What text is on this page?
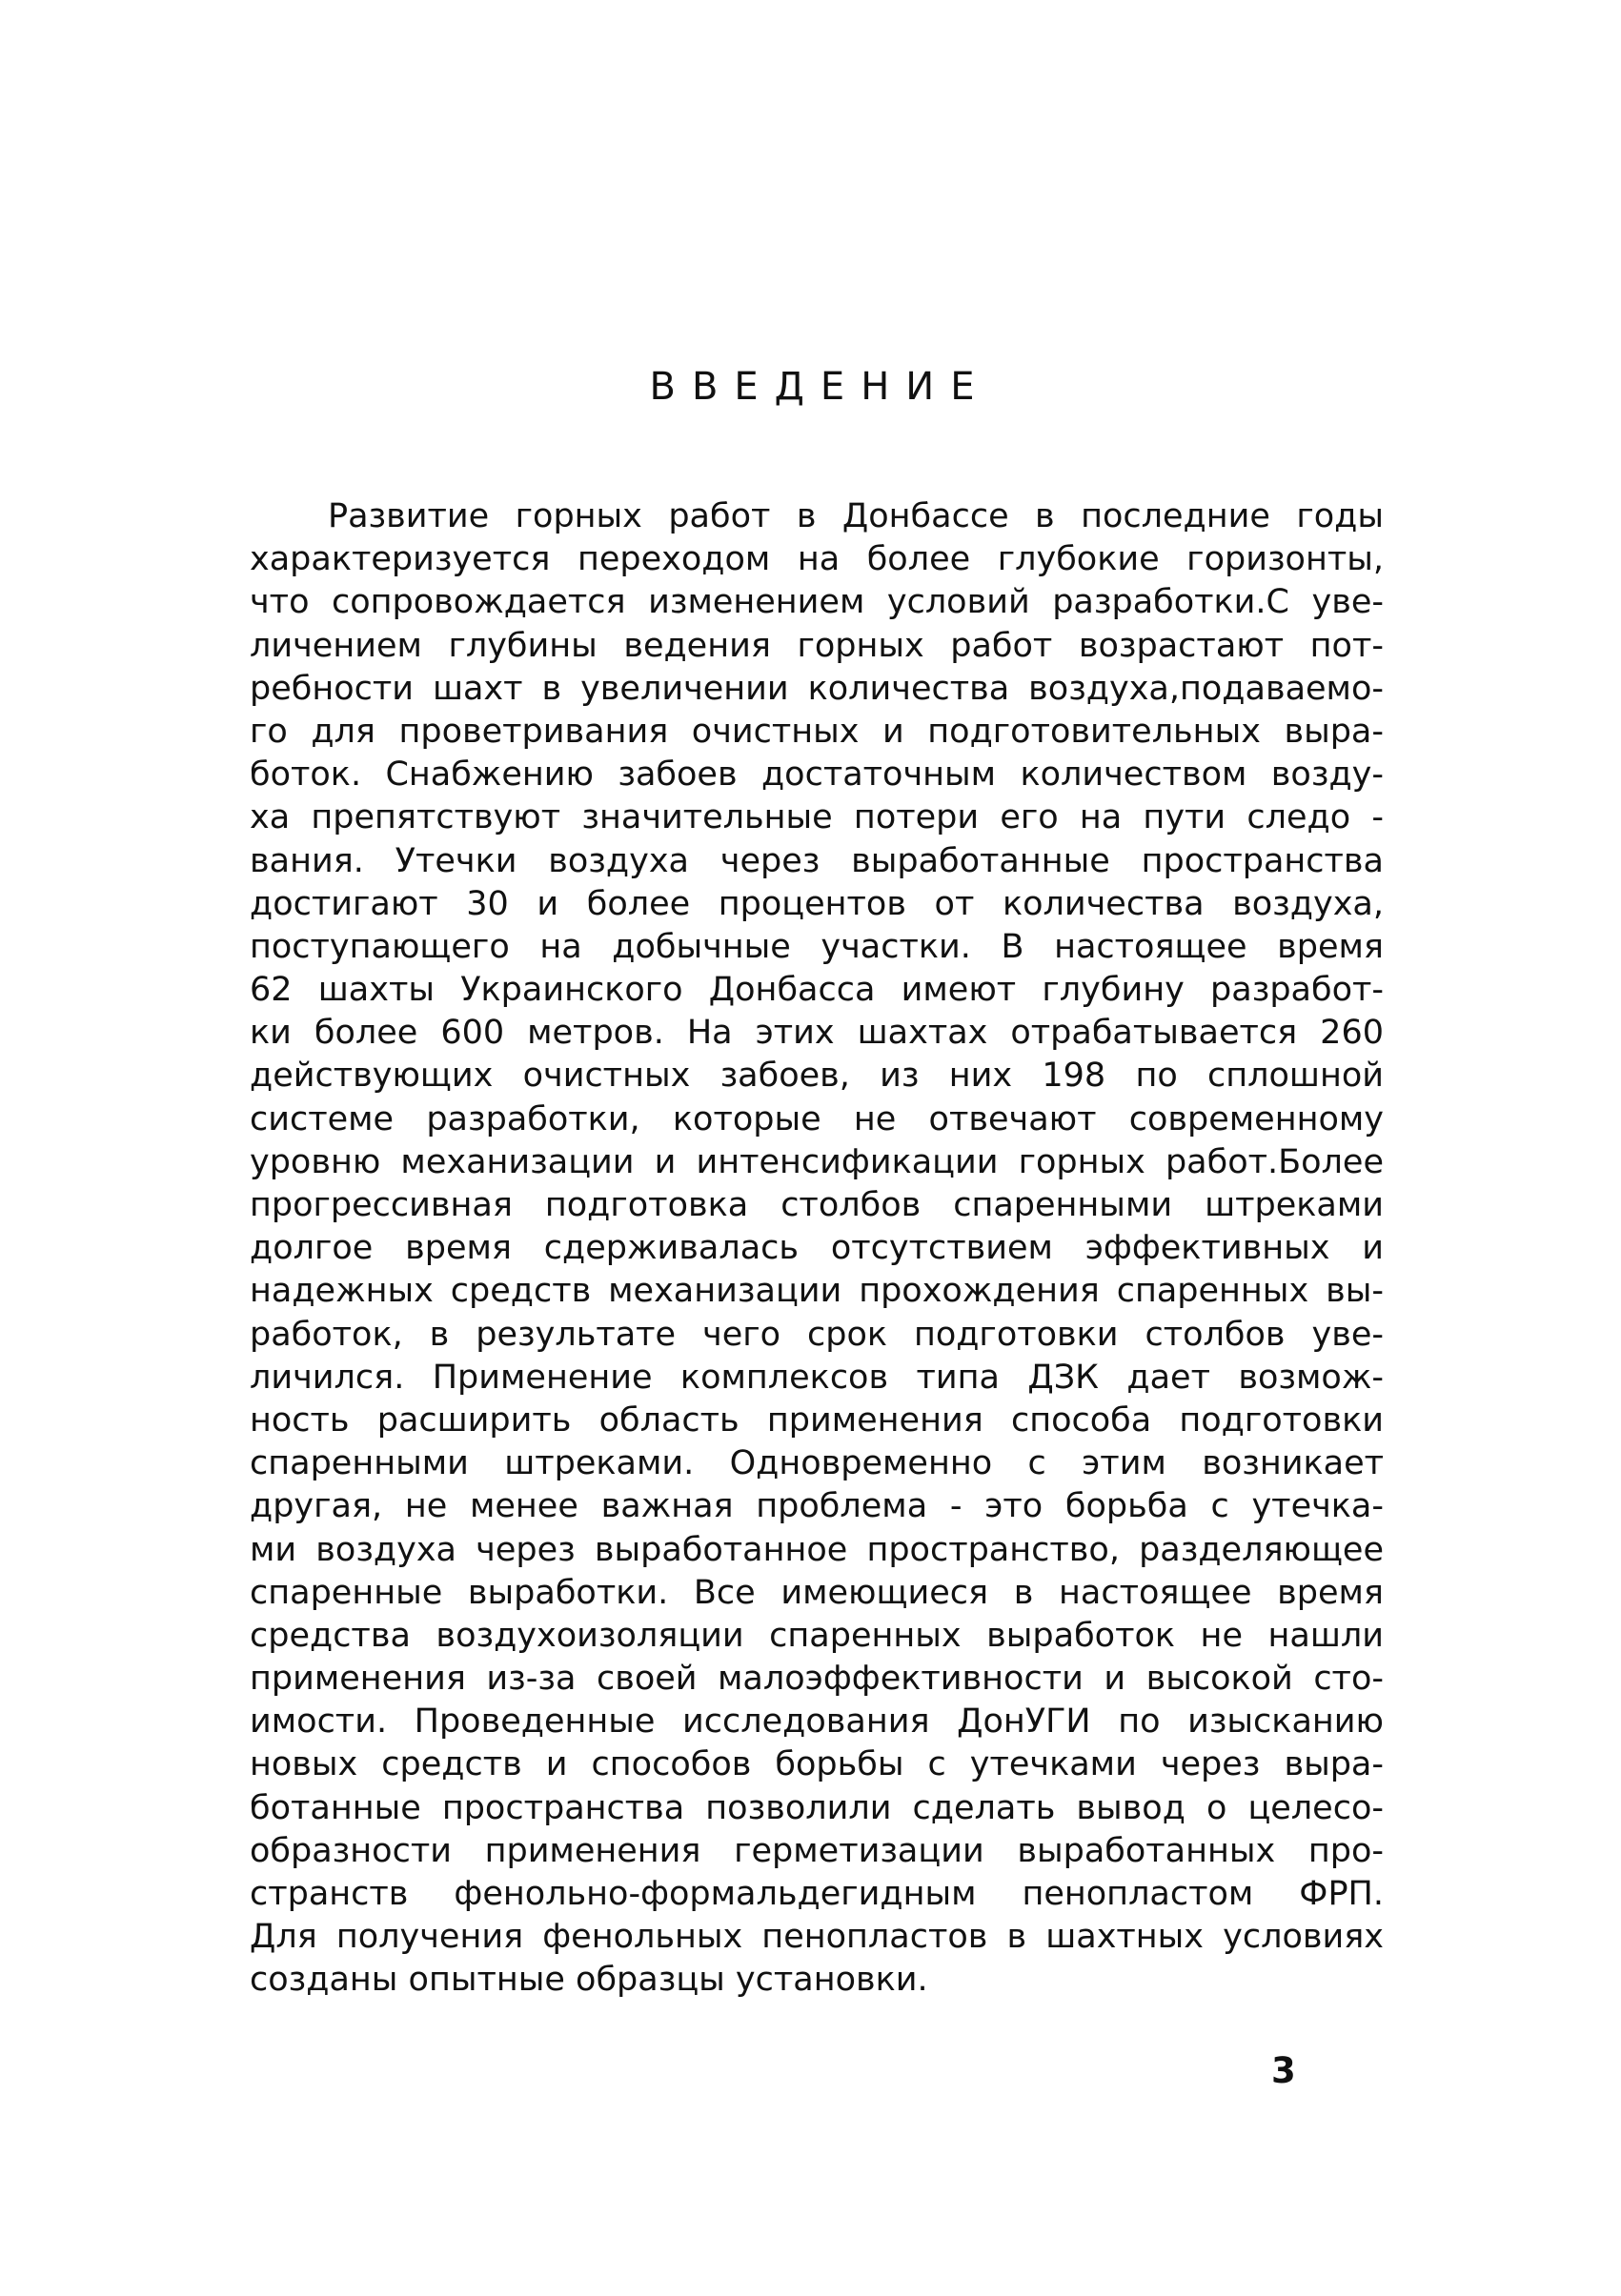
ВВЕДЕНИЕ
Развитие горных работ в Донбассе в последние годы
характеризуется переходом на более глубокие горизонты,
что сопровождается изменением условий разработки.С уве-
личением глубины ведения горных работ возрастают пот-
ребности шахт в увеличении количества воздуха,подаваемо-
го для проветривания очистных и подготовительных выра-
боток. Снабжению забоев достаточным количеством возду-
ха препятствуют значительные потери его на пути следо -
вания. Утечки воздуха через выработанные пространства
достигают 30 и более процентов от количества воздуха,
поступающего на добычные участки. В настоящее время
62 шахты Украинского Донбасса имеют глубину разработ-
ки более 600 метров. На этих шахтах отрабатывается 260
действующих очистных забоев, из них 198 по сплошной
системе разработки, которые не отвечают современному
уровню механизации и интенсификации горных работ.Более
прогрессивная подготовка столбов спаренными штреками
долгое время сдерживалась отсутствием эффективных и
надежных средств механизации прохождения спаренных вы-
работок, в результате чего срок подготовки столбов уве-
личился. Применение комплексов типа ДЗК дает возмож-
ность расширить область применения способа подготовки
спаренными штреками. Одновременно с этим возникает
другая, не менее важная проблема - это борьба с утечка-
ми воздуха через выработанное пространство, разделяющее
спаренные выработки. Все имеющиеся в настоящее время
средства воздухоизоляции спаренных выработок не нашли
применения из-за своей малоэффективности и высокой сто-
имости. Проведенные исследования ДонУГИ по изысканию
новых средств и способов борьбы с утечками через выра-
ботанные пространства позволили сделать вывод о целесо-
образности применения герметизации выработанных про-
странств фенольно-формальдегидным пенопластом ФРП.
Для получения фенольных пенопластов в шахтных условиях
созданы опытные образцы установки.
3
